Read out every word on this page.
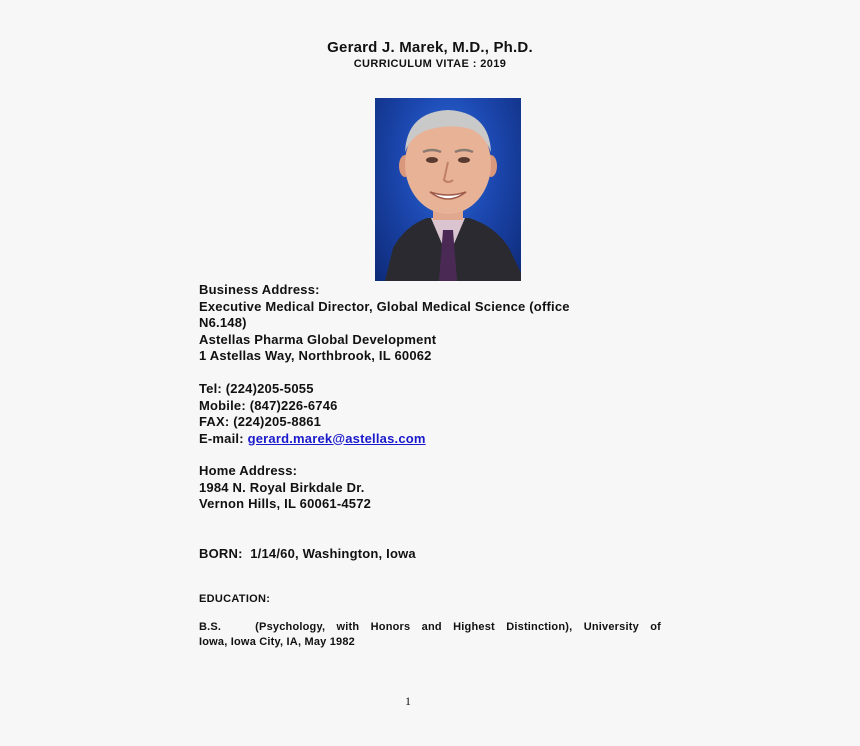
Gerard J. Marek, M.D., Ph.D.
CURRICULUM VITAE : 2019
Business Address:
Executive Medical Director, Global Medical Science (office
N6.148)
Astellas Pharma Global Development
1 Astellas Way, Northbrook, IL 60062
Tel: (224)205-5055
Mobile: (847)226-6746
FAX: (224)205-8861
E-mail: gerard.marek@astellas.com
Home Address:
1984 N. Royal Birkdale Dr.
Vernon Hills, IL 60061-4572
BORN:  1/14/60, Washington, Iowa
EDUCATION:
B.S.   (Psychology, with Honors and Highest Distinction), University of
Iowa, Iowa City, IA, May 1982
1
